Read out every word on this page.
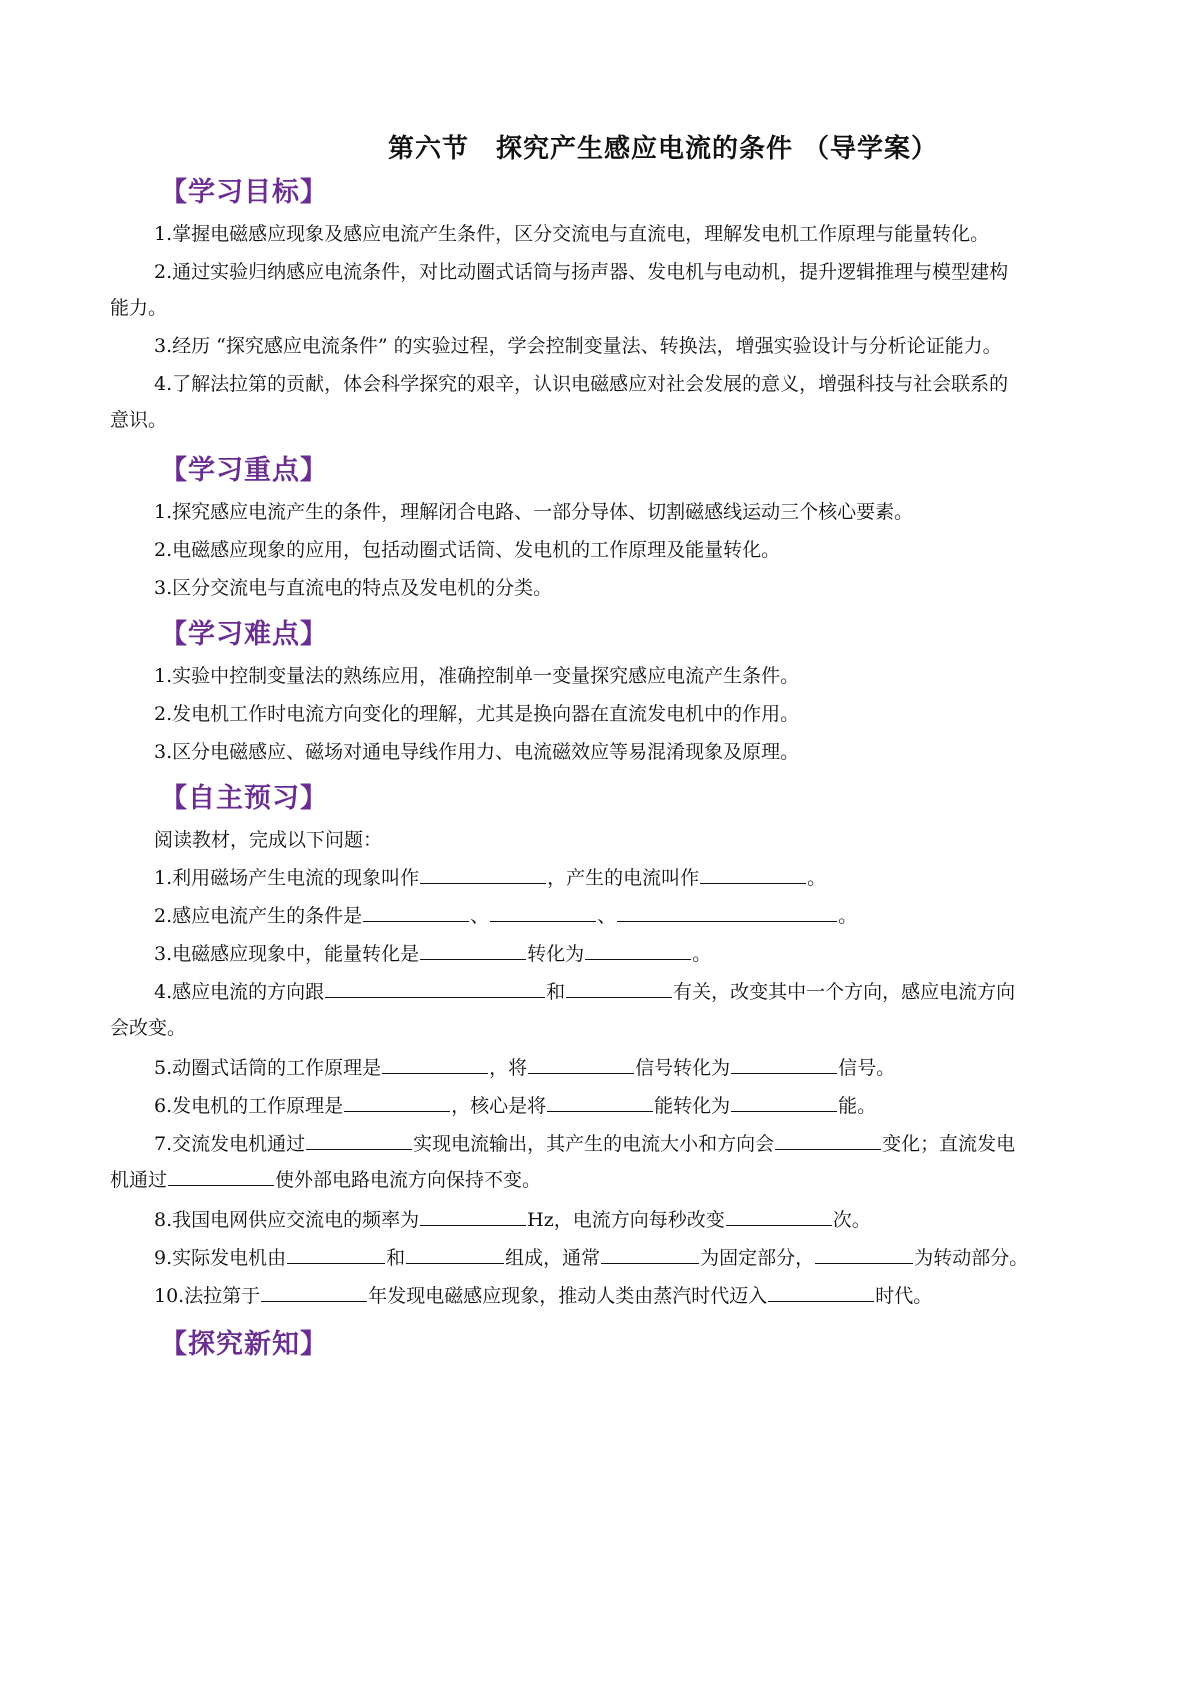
第六节　探究产生感应电流的条件 （导学案）
【学习目标】

1.掌握电磁感应现象及感应电流产生条件，区分交流电与直流电，理解发电机工作原理与能量转化。

2.通过实验归纳感应电流条件，对比动圈式话筒与扬声器、发电机与电动机，提升逻辑推理与模型建构

能力。

3.经历 “探究感应电流条件” 的实验过程，学会控制变量法、转换法，增强实验设计与分析论证能力。

4.了解法拉第的贡献，体会科学探究的艰辛，认识电磁感应对社会发展的意义，增强科技与社会联系的

意识。

【学习重点】

1.探究感应电流产生的条件，理解闭合电路、一部分导体、切割磁感线运动三个核心要素。

2.电磁感应现象的应用，包括动圈式话筒、发电机的工作原理及能量转化。

3.区分交流电与直流电的特点及发电机的分类。

【学习难点】

1.实验中控制变量法的熟练应用，准确控制单一变量探究感应电流产生条件。

2.发电机工作时电流方向变化的理解，尤其是换向器在直流发电机中的作用。

3.区分电磁感应、磁场对通电导线作用力、电流磁效应等易混淆现象及原理。

【自主预习】

阅读教材，完成以下问题：

1.利用磁场产生电流的现象叫作	，产生的电流叫作	。

2.感应电流产生的条件是	、	、	。

3.电磁感应现象中，能量转化是	转化为	。

4.感应电流的方向跟	和	有关，改变其中一个方向，感应电流方向

会改变。

5.动圈式话筒的工作原理是	，将	信号转化为	信号。

6.发电机的工作原理是	，核心是将	能转化为	能。

7.交流发电机通过	实现电流输出，其产生的电流大小和方向会	变化；直流发电

机通过	使外部电路电流方向保持不变。

8.我国电网供应交流电的频率为	Hz，电流方向每秒改变	次。

9.实际发电机由	和	组成，通常	为固定部分，	为转动部分。

10.法拉第于	年发现电磁感应现象，推动人类由蒸汽时代迈入	时代。

【探究新知】
